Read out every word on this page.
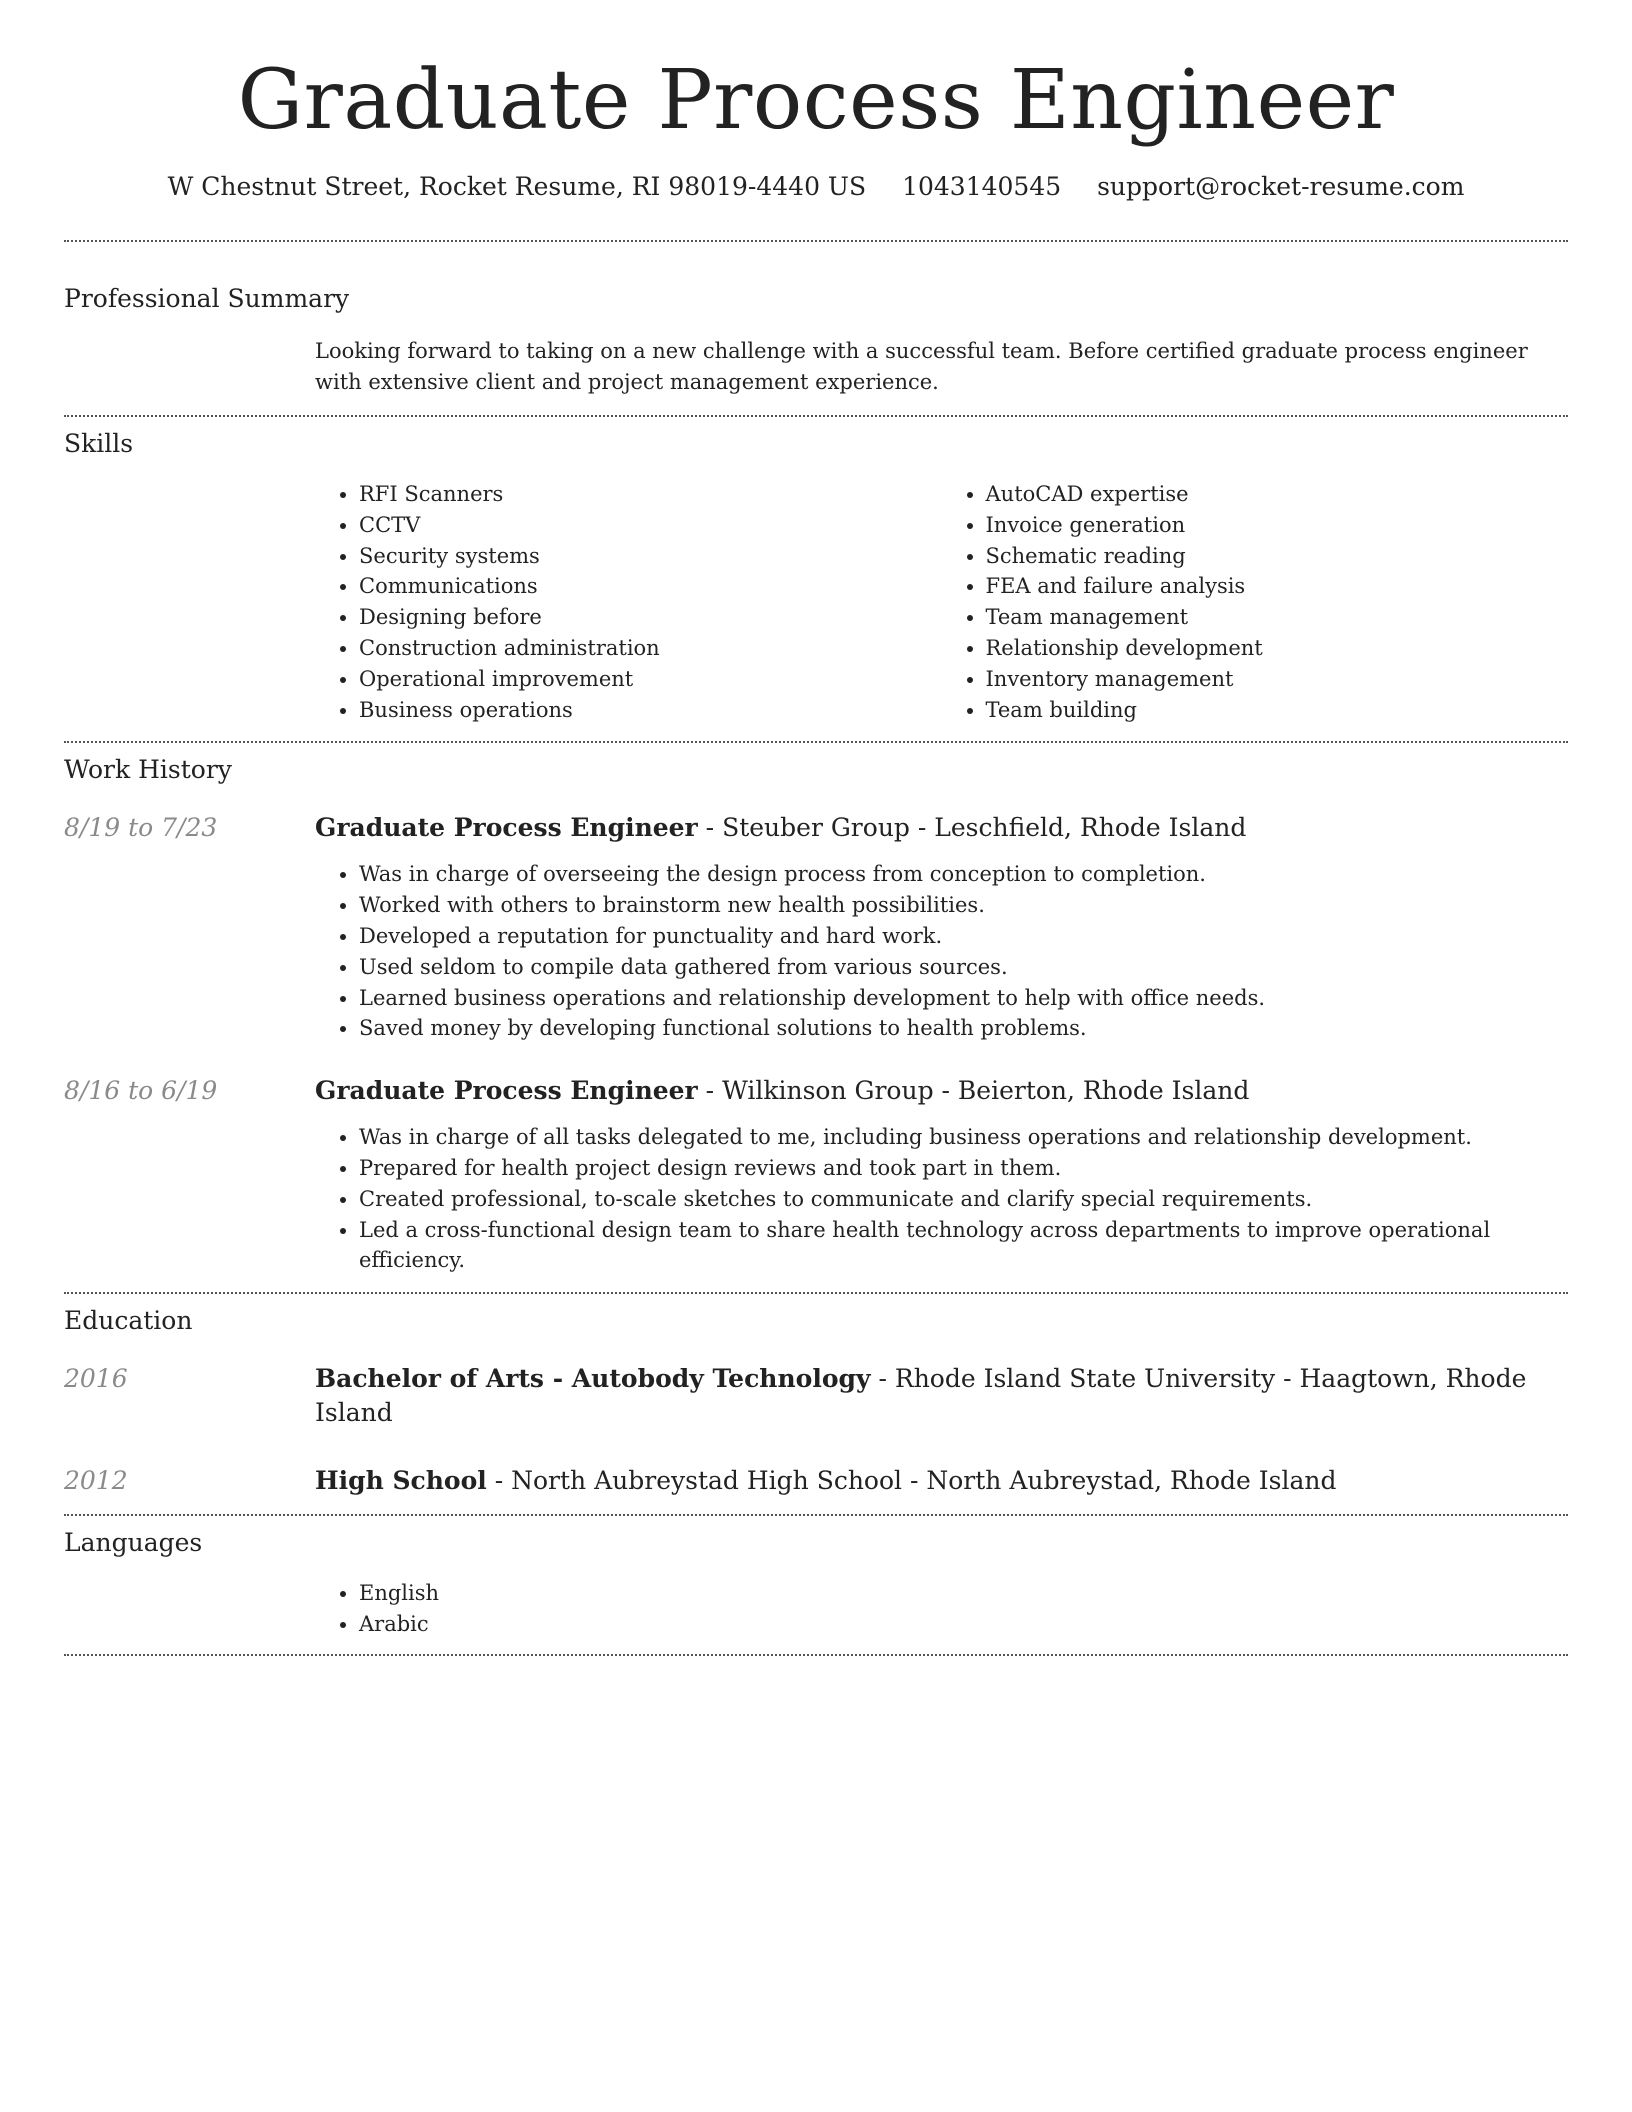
Graduate Process Engineer
W Chestnut Street, Rocket Resume, RI 98019-4440 US 1043140545 support@rocket-resume.com
Professional Summary

Looking forward to taking on a new challenge with a successful team. Before certified graduate process engineer with extensive client and project management experience.

Skills
• RFI Scanners
• CCTV
• Security systems
• Communications
• Designing before
• Construction administration
• Operational improvement
• Business operations
• AutoCAD expertise
• Invoice generation
• Schematic reading
• FEA and failure analysis
• Team management
• Relationship development
• Inventory management
• Team building
Work History
8/19 to 7/23	Graduate Process Engineer - Steuber Group - Leschfield, Rhode Island
• Was in charge of overseeing the design process from conception to completion.
• Worked with others to brainstorm new health possibilities.
• Developed a reputation for punctuality and hard work.
• Used seldom to compile data gathered from various sources.
• Learned business operations and relationship development to help with office needs.
• Saved money by developing functional solutions to health problems.
8/16 to 6/19	Graduate Process Engineer - Wilkinson Group - Beierton, Rhode Island
• Was in charge of all tasks delegated to me, including business operations and relationship development.
• Prepared for health project design reviews and took part in them.
• Created professional, to-scale sketches to communicate and clarify special requirements.
• Led a cross-functional design team to share health technology across departments to improve operational efficiency.
Education
2016	Bachelor of Arts - Autobody Technology - Rhode Island State University - Haagtown, Rhode Island
2012	High School - North Aubreystad High School - North Aubreystad, Rhode Island
Languages
• English
• Arabic
